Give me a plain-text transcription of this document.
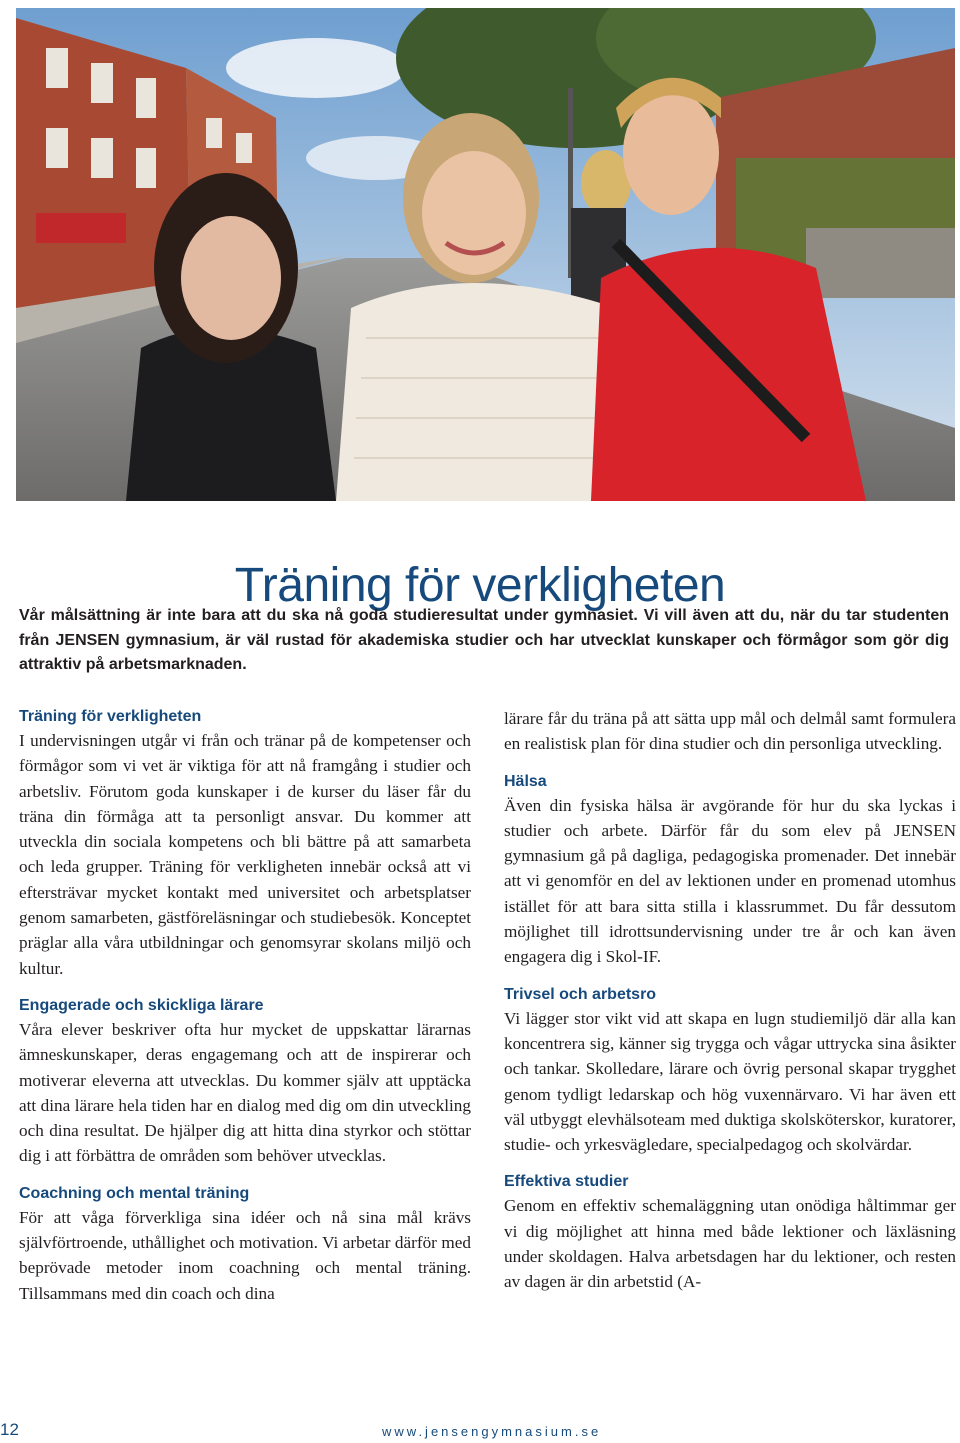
Träning för verkligheten

Vår målsättning är inte bara att du ska nå goda studieresultat under gymnasiet. Vi vill även att du, när du tar studenten från JENSEN gymnasium, är väl rustad för akademiska studier och har utvecklat kunskaper och förmågor som gör dig attraktiv på arbetsmarknaden.

Träning för verkligheten

I undervisningen utgår vi från och tränar på de kompetenser och förmågor som vi vet är viktiga för att nå framgång i studier och arbetsliv. Förutom goda kunskaper i de kurser du läser får du träna din förmåga att ta personligt ansvar. Du kommer att utveckla din sociala kompetens och bli bättre på att samarbeta och leda grupper. Träning för verkligheten innebär också att vi eftersträvar mycket kontakt med universitet och arbetsplatser genom samarbeten, gästföreläsningar och studiebesök. Konceptet präglar alla våra utbildningar och genomsyrar skolans miljö och kultur.

Engagerade och skickliga lärare

Våra elever beskriver ofta hur mycket de uppskattar lärarnas ämneskunskaper, deras engagemang och att de inspirerar och motiverar eleverna att utvecklas. Du kommer själv att upptäcka att dina lärare hela tiden har en dialog med dig om din utveckling och dina resultat. De hjälper dig att hitta dina styrkor och stöttar dig i att förbättra de områden som behöver utvecklas.

Coachning och mental träning

För att våga förverkliga sina idéer och nå sina mål krävs självförtroende, uthållighet och motivation. Vi arbetar därför med beprövade metoder inom coachning och mental träning. Tillsammans med din coach och dina

lärare får du träna på att sätta upp mål och delmål samt formulera en realistisk plan för dina studier och din personliga utveckling.

Hälsa

Även din fysiska hälsa är avgörande för hur du ska lyckas i studier och arbete. Därför får du som elev på JENSEN gymnasium gå på dagliga, pedagogiska promenader. Det innebär att vi genomför en del av lektionen under en promenad utomhus istället för att bara sitta stilla i klassrummet. Du får dessutom möjlighet till idrottsundervisning under tre år och kan även engagera dig i Skol-IF.

Trivsel och arbetsro

Vi lägger stor vikt vid att skapa en lugn studiemiljö där alla kan koncentrera sig, känner sig trygga och vågar uttrycka sina åsikter och tankar. Skolledare, lärare och övrig personal skapar trygghet genom tydligt ledarskap och hög vuxennärvaro. Vi har även ett väl utbyggt elevhälsoteam med duktiga skolsköterskor, kuratorer, studie- och yrkesvägledare, specialpedagog och skolvärdar.

Effektiva studier

Genom en effektiv schemaläggning utan onödiga håltimmar ger vi dig möjlighet att hinna med både lektioner och läxläsning under skoldagen. Halva arbetsdagen har du lektioner, och resten av dagen är din arbetstid (A-

12	www.jensengymnasium.se
